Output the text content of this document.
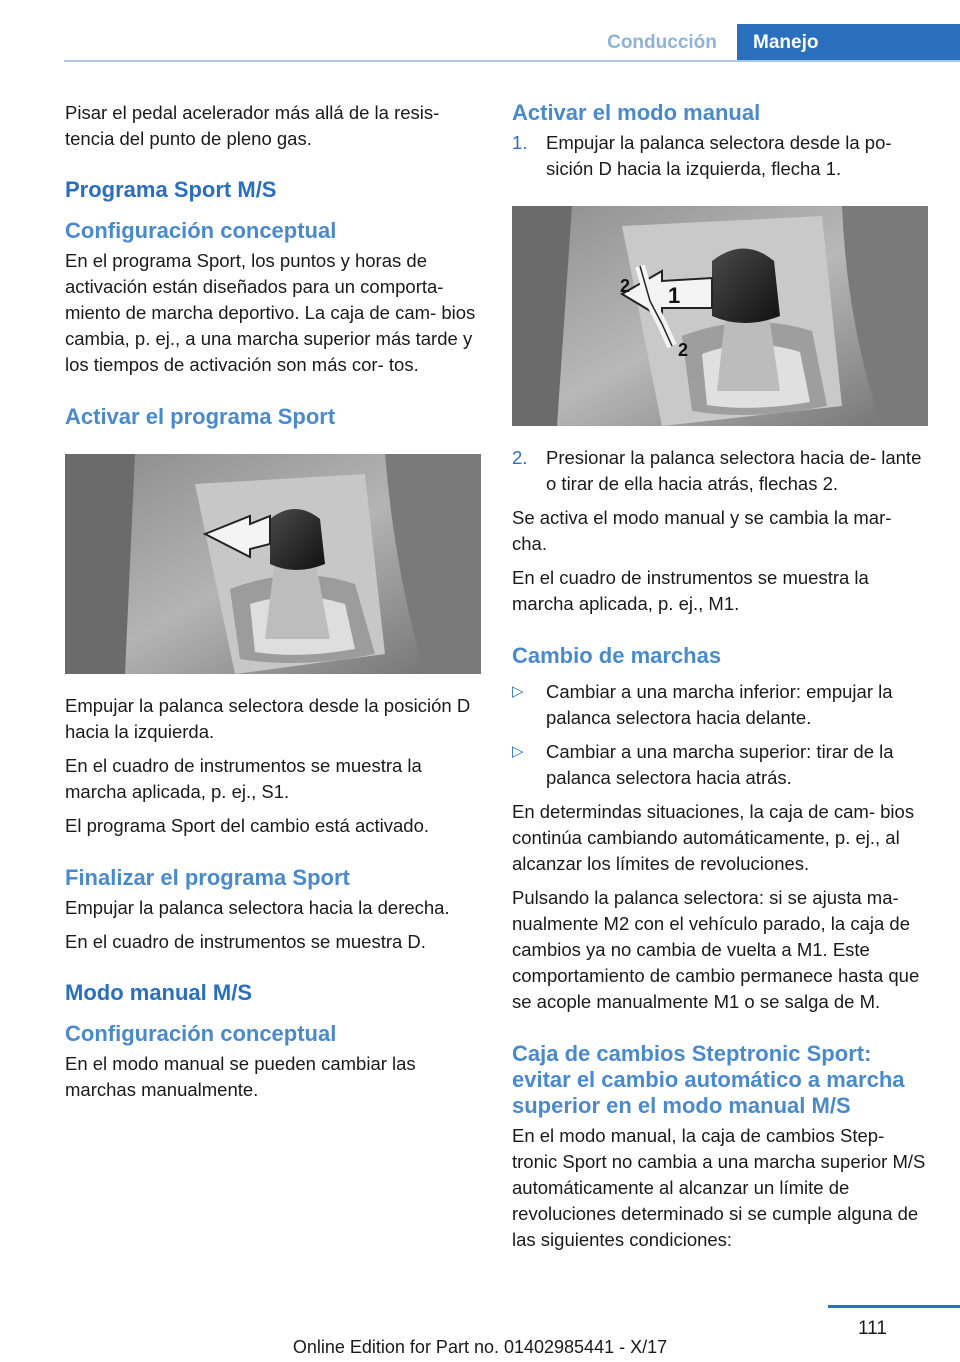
Conducción	Manejo

Pisar el pedal acelerador más allá de la resis- tencia del punto de pleno gas.

Programa Sport M/S
Configuración conceptual

En el programa Sport, los puntos y horas de activación están diseñados para un comporta- miento de marcha deportivo. La caja de cam- bios cambia, p. ej., a una marcha superior más tarde y los tiempos de activación son más cor- tos.

Activar el programa Sport

Empujar la palanca selectora desde la posición D hacia la izquierda.

En el cuadro de instrumentos se muestra la marcha aplicada, p. ej., S1.

El programa Sport del cambio está activado.

Finalizar el programa Sport

Empujar la palanca selectora hacia la derecha.

En el cuadro de instrumentos se muestra D.

Modo manual M/S
Configuración conceptual

En el modo manual se pueden cambiar las marchas manualmente.

Activar el modo manual
1.	Empujar la palanca selectora desde la po- sición D hacia la izquierda, flecha 1.
1
2
2
2.	Presionar la palanca selectora hacia de- lante o tirar de ella hacia atrás, flechas 2.

Se activa el modo manual y se cambia la mar- cha.

En el cuadro de instrumentos se muestra la marcha aplicada, p. ej., M1.

Cambio de marchas
▷	Cambiar a una marcha inferior: empujar la palanca selectora hacia delante.
▷	Cambiar a una marcha superior: tirar de la palanca selectora hacia atrás.

En determindas situaciones, la caja de cam- bios continúa cambiando automáticamente, p. ej., al alcanzar los límites de revoluciones.

Pulsando la palanca selectora: si se ajusta ma- nualmente M2 con el vehículo parado, la caja de cambios ya no cambia de vuelta a M1. Este comportamiento de cambio permanece hasta que se acople manualmente M1 o se salga de M.

Caja de cambios Steptronic Sport: evitar el cambio automático a marcha superior en el modo manual M/S

En el modo manual, la caja de cambios Step- tronic Sport no cambia a una marcha superior M/S automáticamente al alcanzar un límite de revoluciones determinado si se cumple alguna de las siguientes condiciones:

111
Online Edition for Part no. 01402985441 - X/17
